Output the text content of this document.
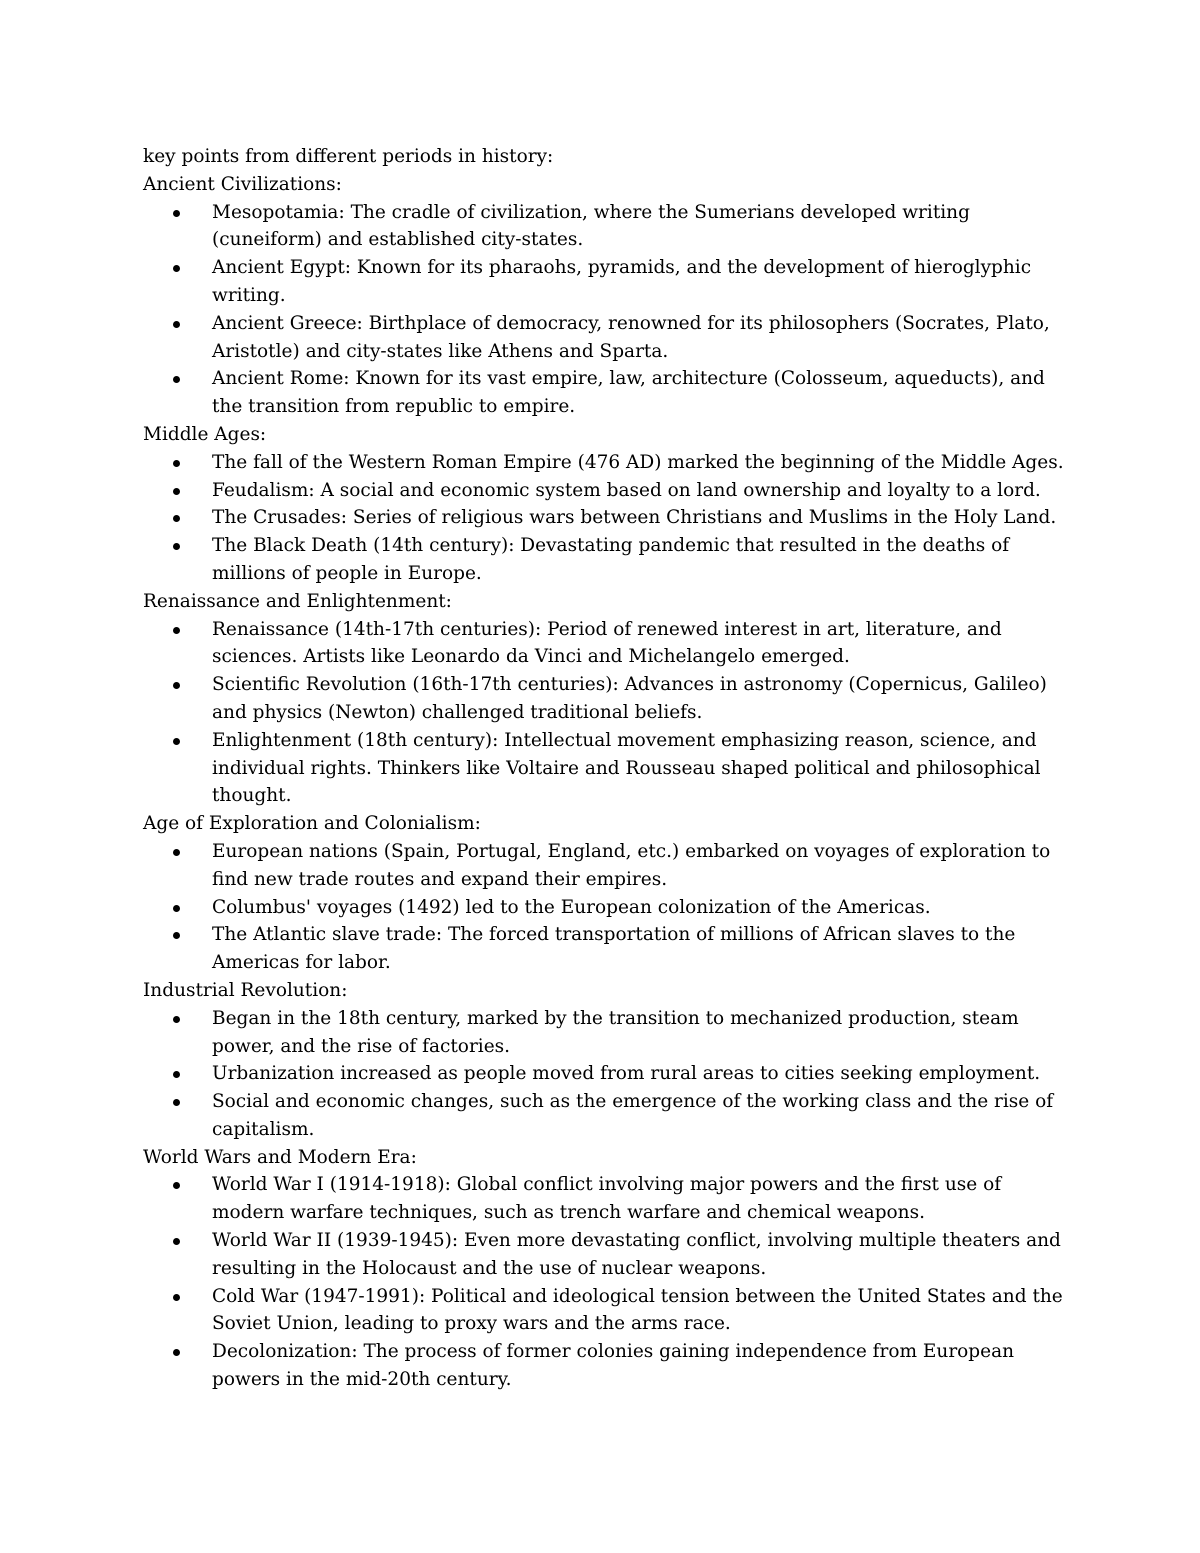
key points from different periods in history:

Ancient Civilizations:

Mesopotamia: The cradle of civilization, where the Sumerians developed writing (cuneiform) and established city-states.
Ancient Egypt: Known for its pharaohs, pyramids, and the development of hieroglyphic writing.
Ancient Greece: Birthplace of democracy, renowned for its philosophers (Socrates, Plato, Aristotle) and city-states like Athens and Sparta.
Ancient Rome: Known for its vast empire, law, architecture (Colosseum, aqueducts), and the transition from republic to empire.

Middle Ages:

The fall of the Western Roman Empire (476 AD) marked the beginning of the Middle Ages.
Feudalism: A social and economic system based on land ownership and loyalty to a lord.
The Crusades: Series of religious wars between Christians and Muslims in the Holy Land.
The Black Death (14th century): Devastating pandemic that resulted in the deaths of millions of people in Europe.

Renaissance and Enlightenment:

Renaissance (14th-17th centuries): Period of renewed interest in art, literature, and sciences. Artists like Leonardo da Vinci and Michelangelo emerged.
Scientific Revolution (16th-17th centuries): Advances in astronomy (Copernicus, Galileo) and physics (Newton) challenged traditional beliefs.
Enlightenment (18th century): Intellectual movement emphasizing reason, science, and individual rights. Thinkers like Voltaire and Rousseau shaped political and philosophical thought.

Age of Exploration and Colonialism:

European nations (Spain, Portugal, England, etc.) embarked on voyages of exploration to find new trade routes and expand their empires.
Columbus' voyages (1492) led to the European colonization of the Americas.
The Atlantic slave trade: The forced transportation of millions of African slaves to the Americas for labor.

Industrial Revolution:

Began in the 18th century, marked by the transition to mechanized production, steam power, and the rise of factories.
Urbanization increased as people moved from rural areas to cities seeking employment.
Social and economic changes, such as the emergence of the working class and the rise of capitalism.

World Wars and Modern Era:

World War I (1914-1918): Global conflict involving major powers and the first use of modern warfare techniques, such as trench warfare and chemical weapons.
World War II (1939-1945): Even more devastating conflict, involving multiple theaters and resulting in the Holocaust and the use of nuclear weapons.
Cold War (1947-1991): Political and ideological tension between the United States and the Soviet Union, leading to proxy wars and the arms race.
Decolonization: The process of former colonies gaining independence from European powers in the mid-20th century.
